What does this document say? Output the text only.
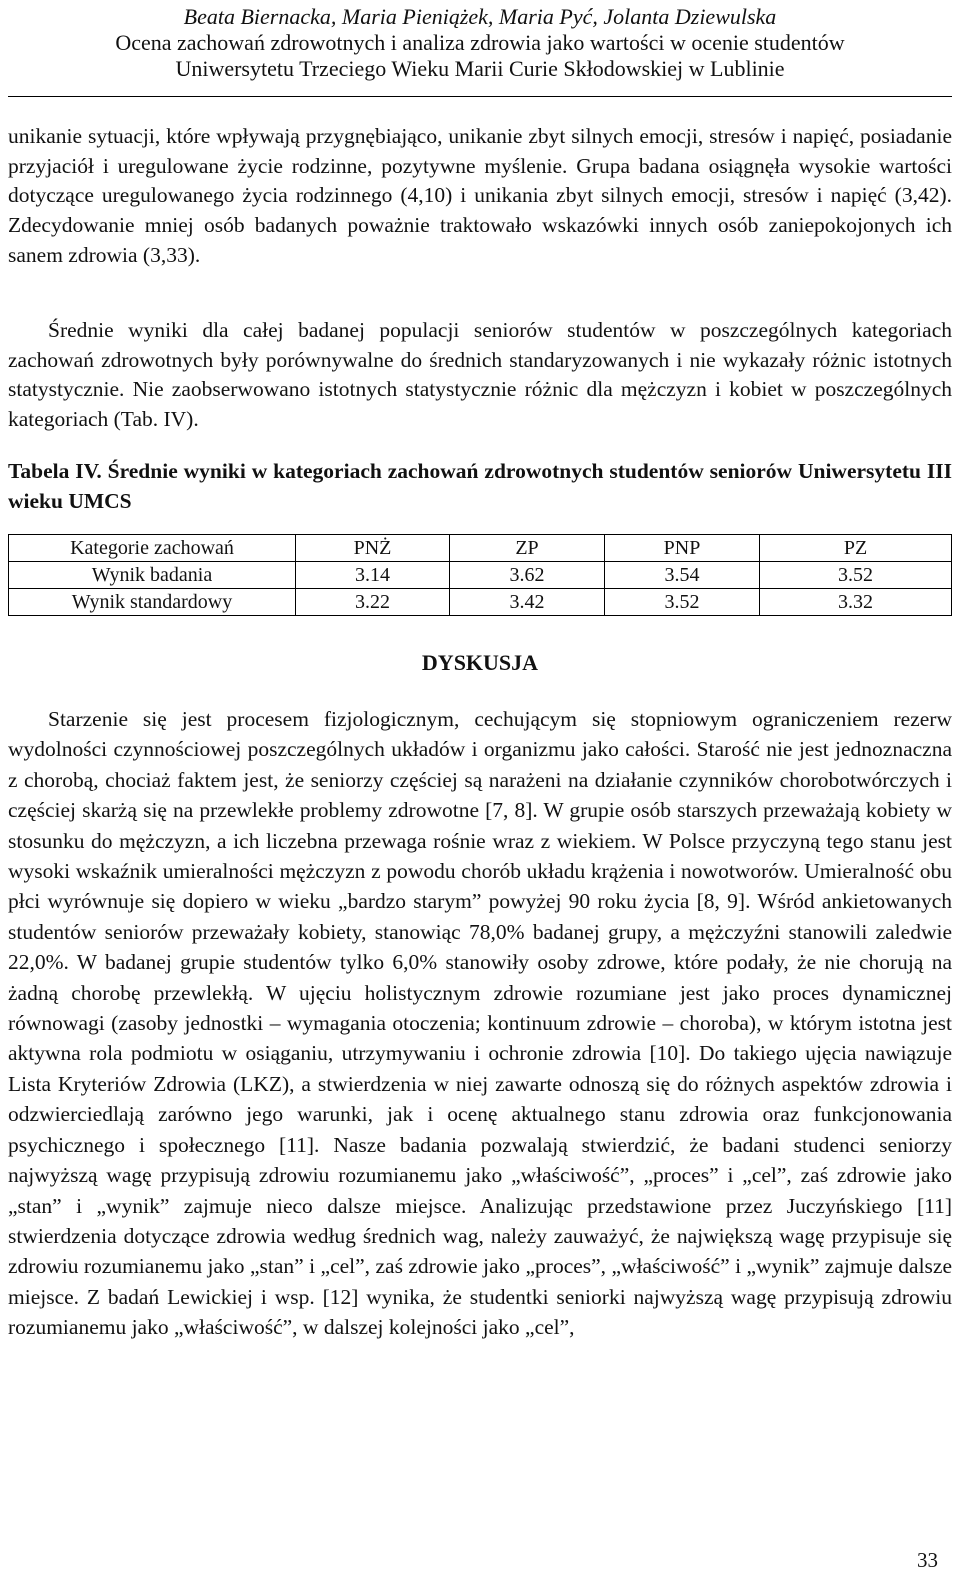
Beata Biernacka, Maria Pieniążek, Maria Pyć, Jolanta Dziewulska
Ocena zachowań zdrowotnych i analiza zdrowia jako wartości w ocenie studentów
Uniwersytetu Trzeciego Wieku Marii Curie Skłodowskiej w Lublinie

unikanie sytuacji, które wpływają przygnębiająco, unikanie zbyt silnych emocji, stresów i napięć, posiadanie przyjaciół i uregulowane życie rodzinne, pozytywne myślenie. Grupa badana osiągnęła wysokie wartości dotyczące uregulowanego życia rodzinnego (4,10) i unikania zbyt silnych emocji, stresów i napięć (3,42). Zdecydowanie mniej osób badanych poważnie traktowało wskazówki innych osób zaniepokojonych ich sanem zdrowia (3,33).

Średnie wyniki dla całej badanej populacji seniorów studentów w poszczególnych kategoriach zachowań zdrowotnych były porównywalne do średnich standaryzowanych i nie wykazały różnic istotnych statystycznie. Nie zaobserwowano istotnych statystycznie różnic dla mężczyzn i kobiet w poszczególnych kategoriach (Tab. IV).

Tabela IV. Średnie wyniki w kategoriach zachowań zdrowotnych studentów seniorów Uniwersytetu III wieku UMCS

Kategorie zachowań	PNŻ	ZP	PNP	PZ
Wynik badania	3.14	3.62	3.54	3.52
Wynik standardowy	3.22	3.42	3.52	3.32
DYSKUSJA

Starzenie się jest procesem fizjologicznym, cechującym się stopniowym ograniczeniem rezerw wydolności czynnościowej poszczególnych układów i organizmu jako całości. Starość nie jest jednoznaczna z chorobą, chociaż faktem jest, że seniorzy częściej są narażeni na działanie czynników chorobotwórczych i częściej skarżą się na przewlekłe problemy zdrowotne [7, 8]. W grupie osób starszych przeważają kobiety w stosunku do mężczyzn, a ich liczebna przewaga rośnie wraz z wiekiem. W Polsce przyczyną tego stanu jest wysoki wskaźnik umieralności mężczyzn z powodu chorób układu krążenia i nowotworów. Umieralność obu płci wyrównuje się dopiero w wieku „bardzo starym” powyżej 90 roku życia [8, 9]. Wśród ankietowanych studentów seniorów przeważały kobiety, stanowiąc 78,0% badanej grupy, a mężczyźni stanowili zaledwie 22,0%. W badanej grupie studentów tylko 6,0% stanowiły osoby zdrowe, które podały, że nie chorują na żadną chorobę przewlekłą. W ujęciu holistycznym zdrowie rozumiane jest jako proces dynamicznej równowagi (zasoby jednostki – wymagania otoczenia; kontinuum zdrowie – choroba), w którym istotna jest aktywna rola podmiotu w osiąganiu, utrzymywaniu i ochronie zdrowia [10]. Do takiego ujęcia nawiązuje Lista Kryteriów Zdrowia (LKZ), a stwierdzenia w niej zawarte odnoszą się do różnych aspektów zdrowia i odzwierciedlają zarówno jego warunki, jak i ocenę aktualnego stanu zdrowia oraz funkcjonowania psychicznego i społecznego [11]. Nasze badania pozwalają stwierdzić, że badani studenci seniorzy najwyższą wagę przypisują zdrowiu rozumianemu jako „właściwość”, „proces” i „cel”, zaś zdrowie jako „stan” i „wynik” zajmuje nieco dalsze miejsce. Analizując przedstawione przez Juczyńskiego [11] stwierdzenia dotyczące zdrowia według średnich wag, należy zauważyć, że największą wagę przypisuje się zdrowiu rozumianemu jako „stan” i „cel”, zaś zdrowie jako „proces”, „właściwość” i „wynik” zajmuje dalsze miejsce. Z badań Lewickiej i wsp. [12] wynika, że studentki seniorki najwyższą wagę przypisują zdrowiu rozumianemu jako „właściwość”, w dalszej kolejności jako „cel”,

33
